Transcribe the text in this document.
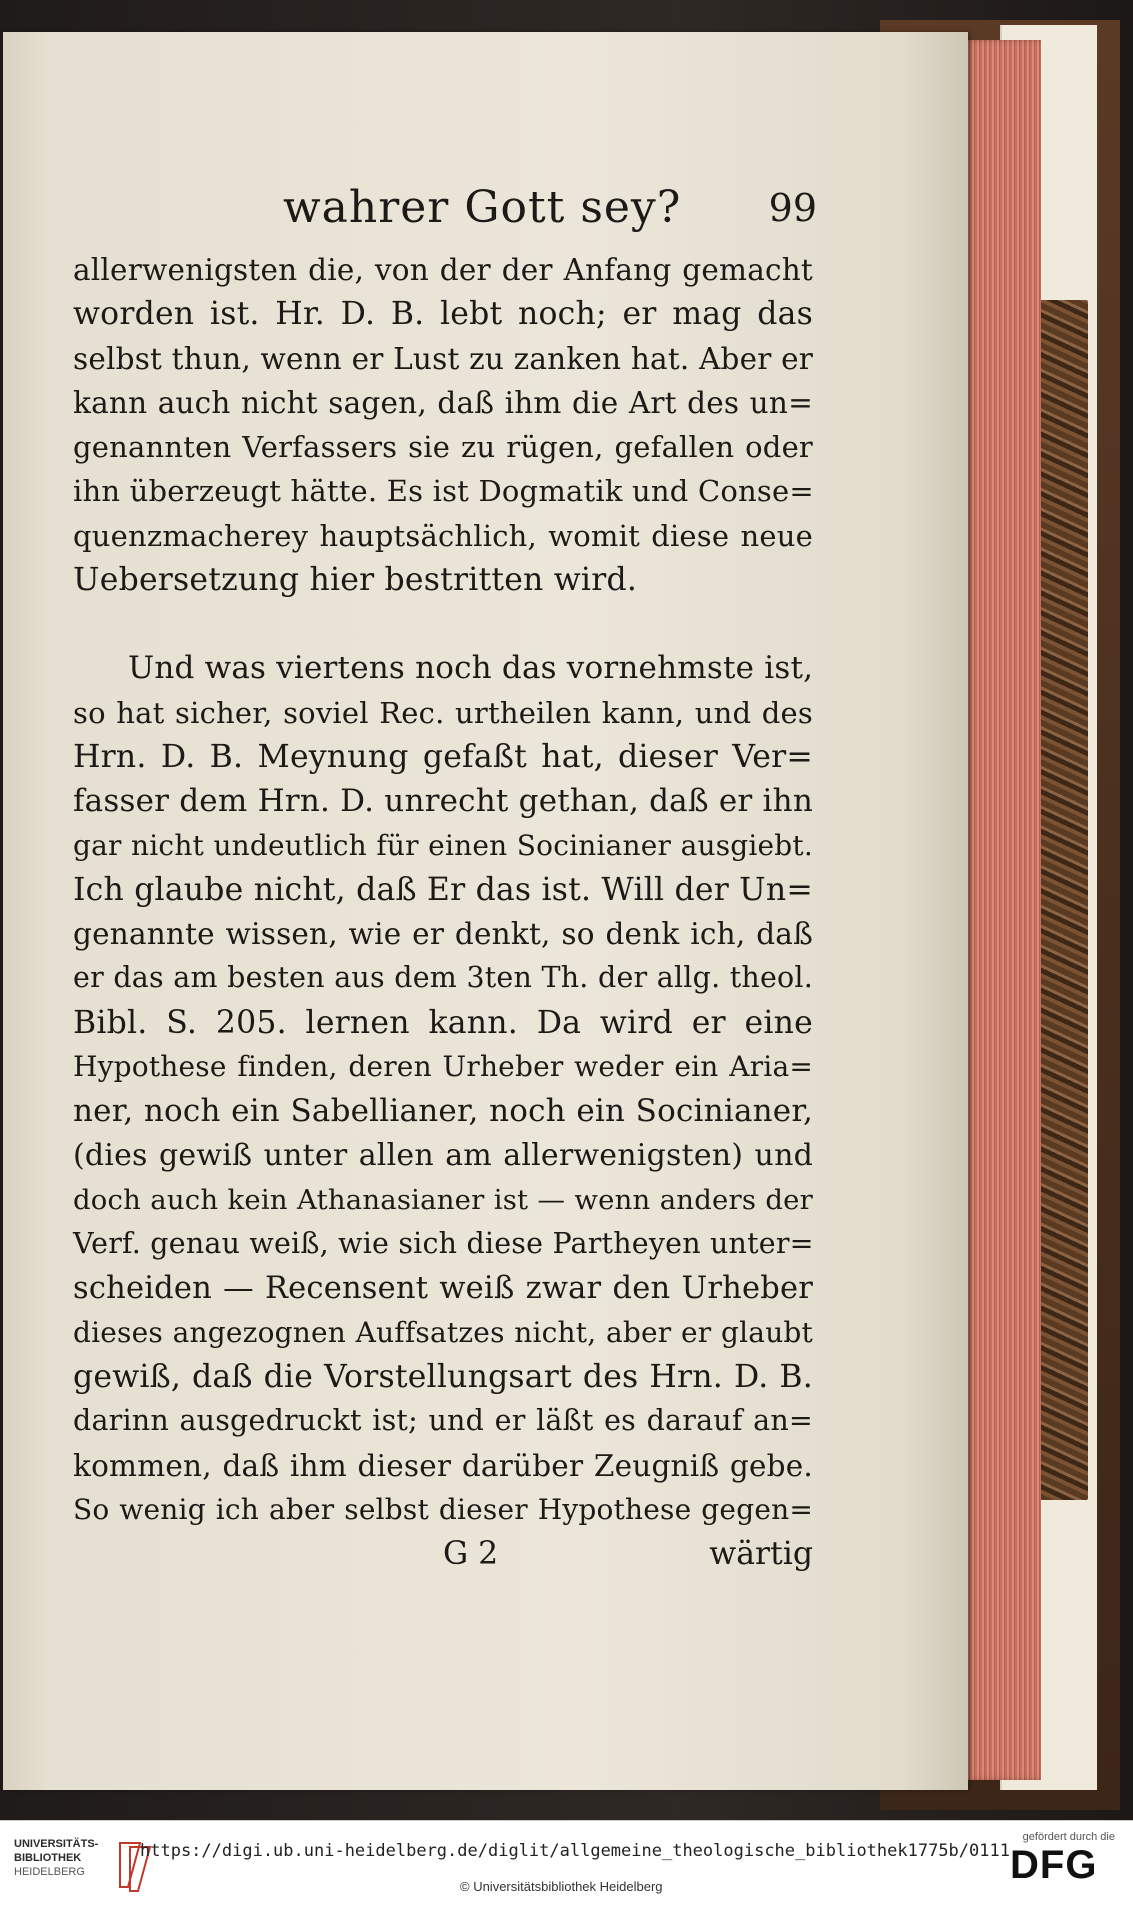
wahrer Gott sey? 99
allerwenigsten die, von der der Anfang gemacht
worden ist. Hr. D. B. lebt noch; er mag das
selbst thun, wenn er Lust zu zanken hat. Aber er
kann auch nicht sagen, daß ihm die Art des un=
genannten Verfassers sie zu rügen, gefallen oder
ihn überzeugt hätte. Es ist Dogmatik und Conse=
quenzmacherey hauptsächlich, womit diese neue
Uebersetzung hier bestritten wird.
Und was viertens noch das vornehmste ist,
so hat sicher, soviel Rec. urtheilen kann, und des
Hrn. D. B. Meynung gefaßt hat, dieser Ver=
fasser dem Hrn. D. unrecht gethan, daß er ihn
gar nicht undeutlich für einen Socinianer ausgiebt.
Ich glaube nicht, daß Er das ist. Will der Un=
genannte wissen, wie er denkt, so denk ich, daß
er das am besten aus dem 3ten Th. der allg. theol.
Bibl. S. 205. lernen kann. Da wird er eine
Hypothese finden, deren Urheber weder ein Aria=
ner, noch ein Sabellianer, noch ein Socinianer,
(dies gewiß unter allen am allerwenigsten) und
doch auch kein Athanasianer ist — wenn anders der
Verf. genau weiß, wie sich diese Partheyen unter=
scheiden — Recensent weiß zwar den Urheber
dieses angezognen Auffsatzes nicht, aber er glaubt
gewiß, daß die Vorstellungsart des Hrn. D. B.
darinn ausgedruckt ist; und er läßt es darauf an=
kommen, daß ihm dieser darüber Zeugniß gebe.
So wenig ich aber selbst dieser Hypothese gegen=
G 2	wärtig
UNIVERSITÄTS-
BIBLIOTHEK
HEIDELBERG
https://digi.ub.uni-heidelberg.de/diglit/allgemeine_theologische_bibliothek1775b/0111
© Universitätsbibliothek Heidelberg
gefördert durch die
DFG
